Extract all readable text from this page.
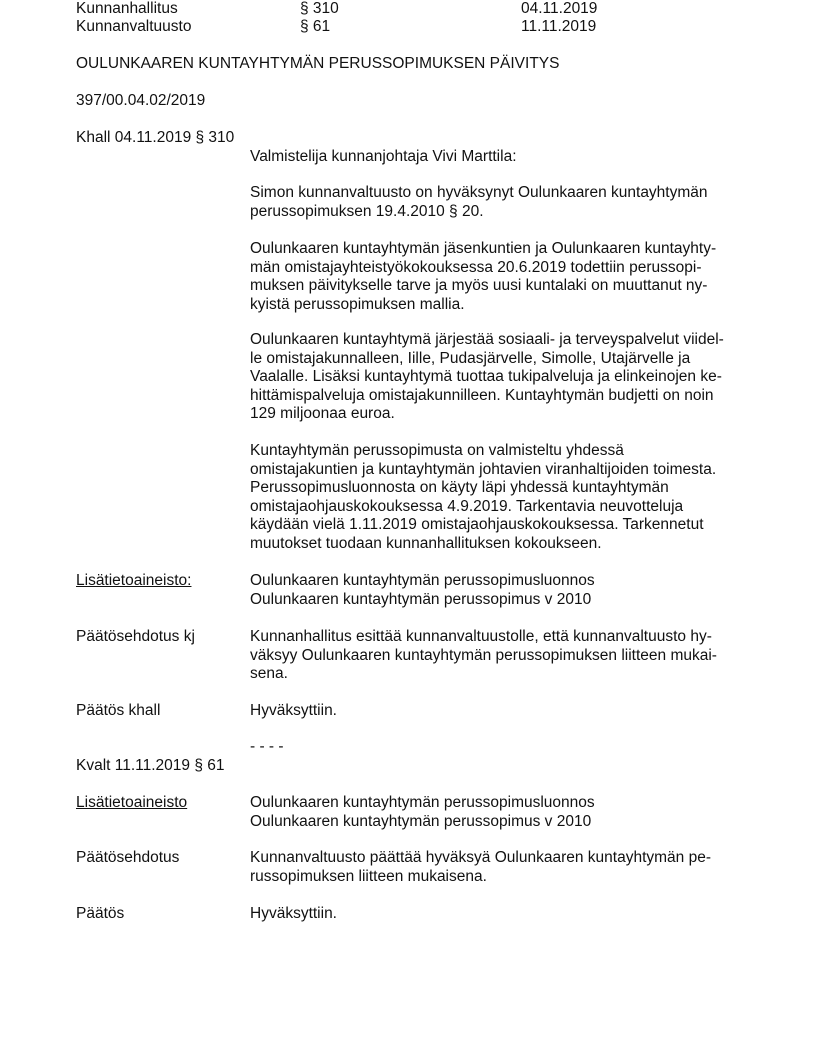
Kunnanhallitus	§ 310	04.11.2019
Kunnanvaltuusto	§ 61	11.11.2019
OULUNKAAREN KUNTAYHTYMÄN PERUSSOPIMUKSEN PÄIVITYS
397/00.04.02/2019
Khall 04.11.2019 § 310
Valmistelija kunnanjohtaja Vivi Marttila:
Simon kunnanvaltuusto on hyväksynyt Oulunkaaren kuntayhtymän
perussopimuksen 19.4.2010 § 20.
Oulunkaaren kuntayhtymän jäsenkuntien ja Oulunkaaren kuntayhty-
män omistajayhteistyökokouksessa 20.6.2019 todettiin perussopi-
muksen päivitykselle tarve ja myös uusi kuntalaki on muuttanut ny-
kyistä perussopimuksen mallia.
Oulunkaaren kuntayhtymä järjestää sosiaali- ja terveyspalvelut viidel-
le omistajakunnalleen, Iille, Pudasjärvelle, Simolle, Utajärvelle ja
Vaalalle. Lisäksi kuntayhtymä tuottaa tukipalveluja ja elinkeinojen ke-
hittämispalveluja omistajakunnilleen. Kuntayhtymän budjetti on noin
129 miljoonaa euroa.
Kuntayhtymän perussopimusta on valmisteltu yhdessä
omistajakuntien ja kuntayhtymän johtavien viranhaltijoiden toimesta.
Perussopimusluonnosta on käyty läpi yhdessä kuntayhtymän
omistajaohjauskokouksessa 4.9.2019. Tarkentavia neuvotteluja
käydään vielä 1.11.2019 omistajaohjauskokouksessa. Tarkennetut
muutokset tuodaan kunnanhallituksen kokoukseen.
Lisätietoaineisto:	Oulunkaaren kuntayhtymän perussopimusluonnos
Oulunkaaren kuntayhtymän perussopimus v 2010
Päätösehdotus kj	Kunnanhallitus esittää kunnanvaltuustolle, että kunnanvaltuusto hy-
väksyy Oulunkaaren kuntayhtymän perussopimuksen liitteen mukai-
sena.
Päätös khall	Hyväksyttiin.
- - - -
Kvalt 11.11.2019 § 61
Lisätietoaineisto	Oulunkaaren kuntayhtymän perussopimusluonnos
Oulunkaaren kuntayhtymän perussopimus v 2010
Päätösehdotus	Kunnanvaltuusto päättää hyväksyä Oulunkaaren kuntayhtymän pe-
russopimuksen liitteen mukaisena.
Päätös	Hyväksyttiin.
